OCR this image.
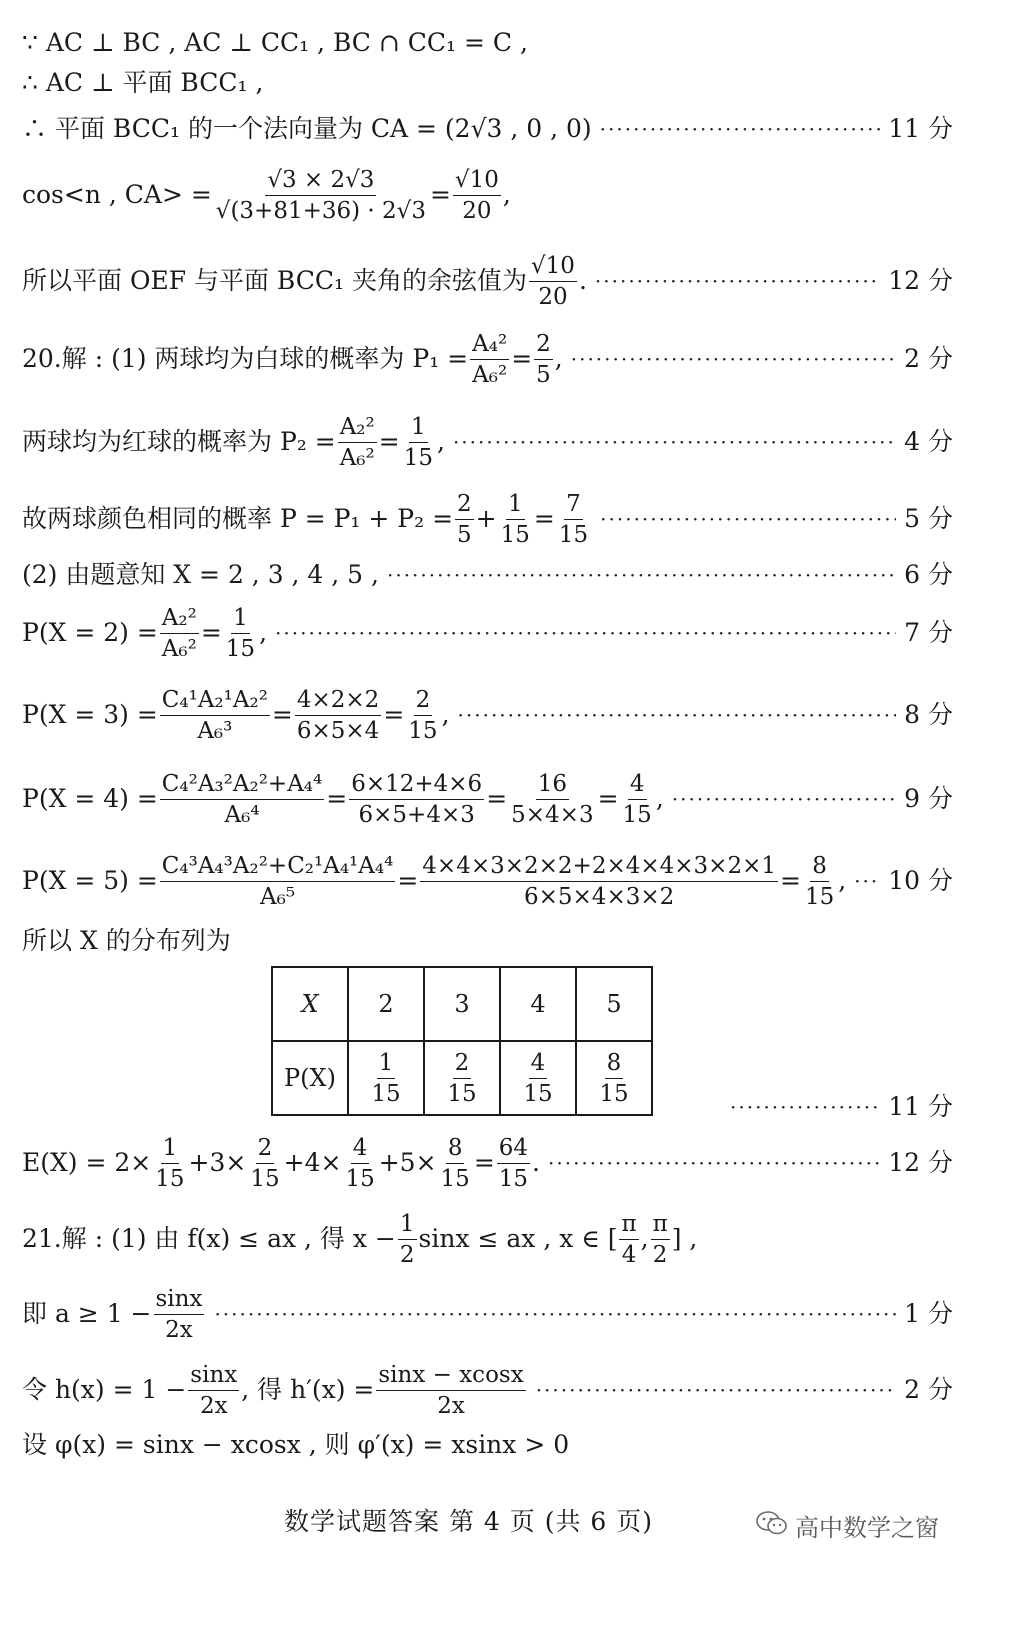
∵ AC ⊥ BC , AC ⊥ CC₁ , BC ∩ CC₁ = C ,
∴ AC ⊥ 平面 BCC₁ ,
∴ 平面 BCC₁ 的一个法向量为 CA = (2√3 , 0 , 0) ·····	11 分
cos<n , $CA> = \frac{√3 \times 2√3}{√(3+81+36) \cdot 2√3} = \frac{√10}{20}$ ,
所以平面 OEF 与平面 BCC₁ 夹角的余弦值为 $\frac{√10}{20}$ . ·····	12 分
20.解 : (1) 两球均为白球的概率为 $P_1 = \frac{\text{A₄²}}{\text{A₆²}} = \frac{2}{5}$ , ·····	2 分
两球均为红球的概率为 $P_2 = \frac{\text{A₂²}}{\text{A₆²}} = \frac{1}{15}$ , ·····	4 分
故两球颜色相同的概率 $P = P_1 + P_2 = \frac{2}{5} + \frac{1}{15} = \frac{7}{15}$ ·····	5 分
(2) 由题意知 X = 2 , 3 , 4 , 5 , ·····	6 分
$P(X = 2) = \frac{\text{A₂²}}{\text{A₆²}} = \frac{1}{15}$ , ·····	7 分
$P(X = 3) = \frac{\text{C₄¹A₂¹A₂²}}{\text{A₆³}} = \frac{4\times 2\times 2}{6\times 5\times 4} = \frac{2}{15}$ , ·····	8 分
$P(X = 4) = \frac{\text{C₄²A₃²A₂²+A₄⁴}}{\text{A₆⁴}} = \frac{6\times 12+4\times 6}{6\times 5+4\times 3} = \frac{16}{5\times 4\times 3} = \frac{4}{15}$ , ·····	9 分
$P(X = 5) = \frac{\text{C₄³A₄³A₂²+C₂¹A₄¹A₄⁴}}{\text{A₆⁵}} = \frac{4\times 4\times 3\times 2\times 2+2\times 4\times 4\times 3\times 2\times 1}{6\times 5\times 4\times 3\times 2} = \frac{8}{15}$ , ····· 10 分
所以 X 的分布列为
X	2	3	4	5
P(X)	$\frac{1}{15}$	$\frac{2}{15}$	$\frac{4}{15}$	$\frac{8}{15}$ ·····	11 分
$E(X) = 2\times \frac{1}{15} +3\times \frac{2}{15} +4\times \frac{4}{15} +5\times \frac{8}{15} = \frac{64}{15}$ . ·····	12 分
21.解 : (1) 由 f(x) ≤ ax , 得 $x - \frac{1}{2}$ sinx ≤ ax , x ∈ [ $\frac{\pi}{4}$ , $\frac{\pi}{2}$ ] ,
即 $a \ge 1 - \frac{\sin x}{2x}$ ·····	1 分
令 $h(x) = 1 - \frac{\sin x}{2x}$ , 得 $h'(x) = \frac{\sin x - xcosx}{2x}$ ·····	2 分
设 φ(x) = sinx − xcosx , 则 φ′(x) = xsinx > 0
数学试题答案 第 4 页 (共 6 页)	高中数学之窗
